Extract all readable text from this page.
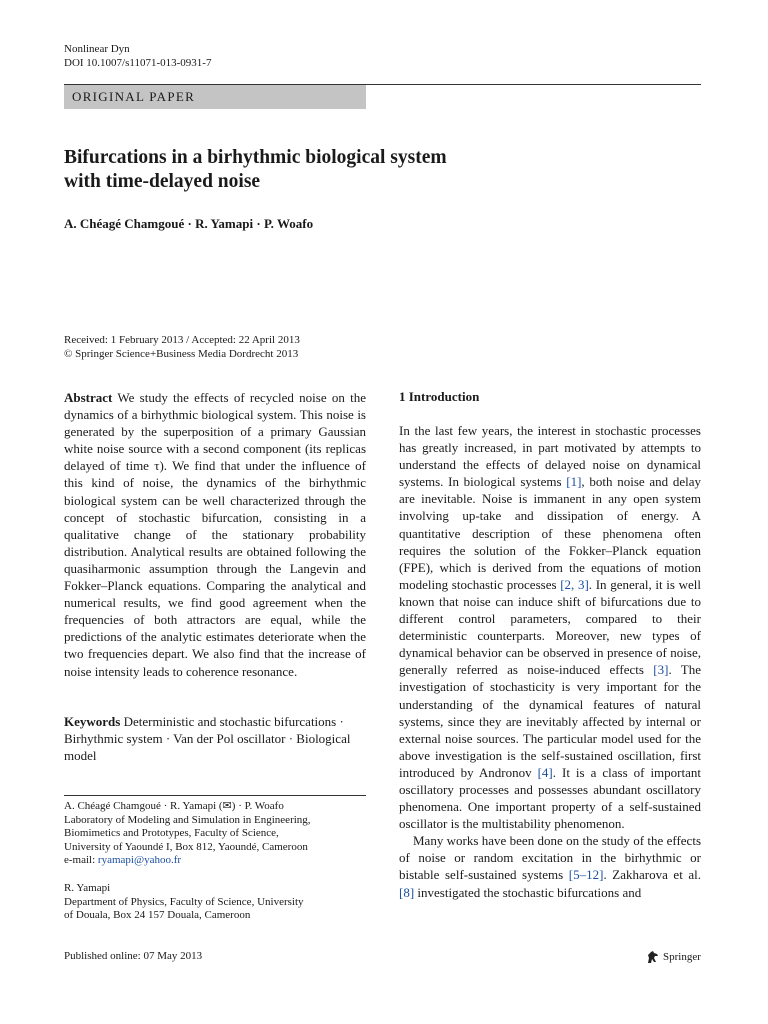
Nonlinear Dyn
DOI 10.1007/s11071-013-0931-7
ORIGINAL PAPER
Bifurcations in a birhythmic biological system
with time-delayed noise
A. Chéagé Chamgoué · R. Yamapi · P. Woafo
Received: 1 February 2013 / Accepted: 22 April 2013
© Springer Science+Business Media Dordrecht 2013

Abstract We study the effects of recycled noise on the dynamics of a birhythmic biological system. This noise is generated by the superposition of a primary Gaussian white noise source with a second component (its replicas delayed of time τ). We find that under the influence of this kind of noise, the dynamics of the birhythmic biological system can be well characterized through the concept of stochastic bifurcation, consisting in a qualitative change of the stationary probability distribution. Analytical results are obtained following the quasiharmonic assumption through the Langevin and Fokker–Planck equations. Comparing the analytical and numerical results, we find good agreement when the frequencies of both attractors are equal, while the predictions of the analytic estimates deteriorate when the two frequencies depart. We also find that the increase of noise intensity leads to coherence resonance.

Keywords Deterministic and stochastic bifurcations · Birhythmic system · Van der Pol oscillator · Biological model
A. Chéagé Chamgoué · R. Yamapi (✉) · P. Woafo
Laboratory of Modeling and Simulation in Engineering,
Biomimetics and Prototypes, Faculty of Science,
University of Yaoundé I, Box 812, Yaoundé, Cameroon
e-mail: ryamapi@yahoo.fr
R. Yamapi
Department of Physics, Faculty of Science, University
of Douala, Box 24 157 Douala, Cameroon
1 Introduction

In the last few years, the interest in stochastic processes has greatly increased, in part motivated by attempts to understand the effects of delayed noise on dynamical systems. In biological systems [1], both noise and delay are inevitable. Noise is immanent in any open system involving up-take and dissipation of energy. A quantitative description of these phenomena often requires the solution of the Fokker–Planck equation (FPE), which is derived from the equations of motion modeling stochastic processes [2, 3]. In general, it is well known that noise can induce shift of bifurcations due to different control parameters, compared to their deterministic counterparts. Moreover, new types of dynamical behavior can be observed in presence of noise, generally referred as noise-induced effects [3]. The investigation of stochasticity is very important for the understanding of the dynamical features of natural systems, since they are inevitably affected by internal or external noise sources. The particular model used for the above investigation is the self-sustained oscillation, first introduced by Andronov [4]. It is a class of important oscillatory processes and possesses abundant oscillatory phenomena. One important property of a self-sustained oscillator is the multistability phenomenon.

Many works have been done on the study of the effects of noise or random excitation in the birhythmic or bistable self-sustained systems [5–12]. Zakharova et al. [8] investigated the stochastic bifurcations and

Published online: 07 May 2013	Springer
